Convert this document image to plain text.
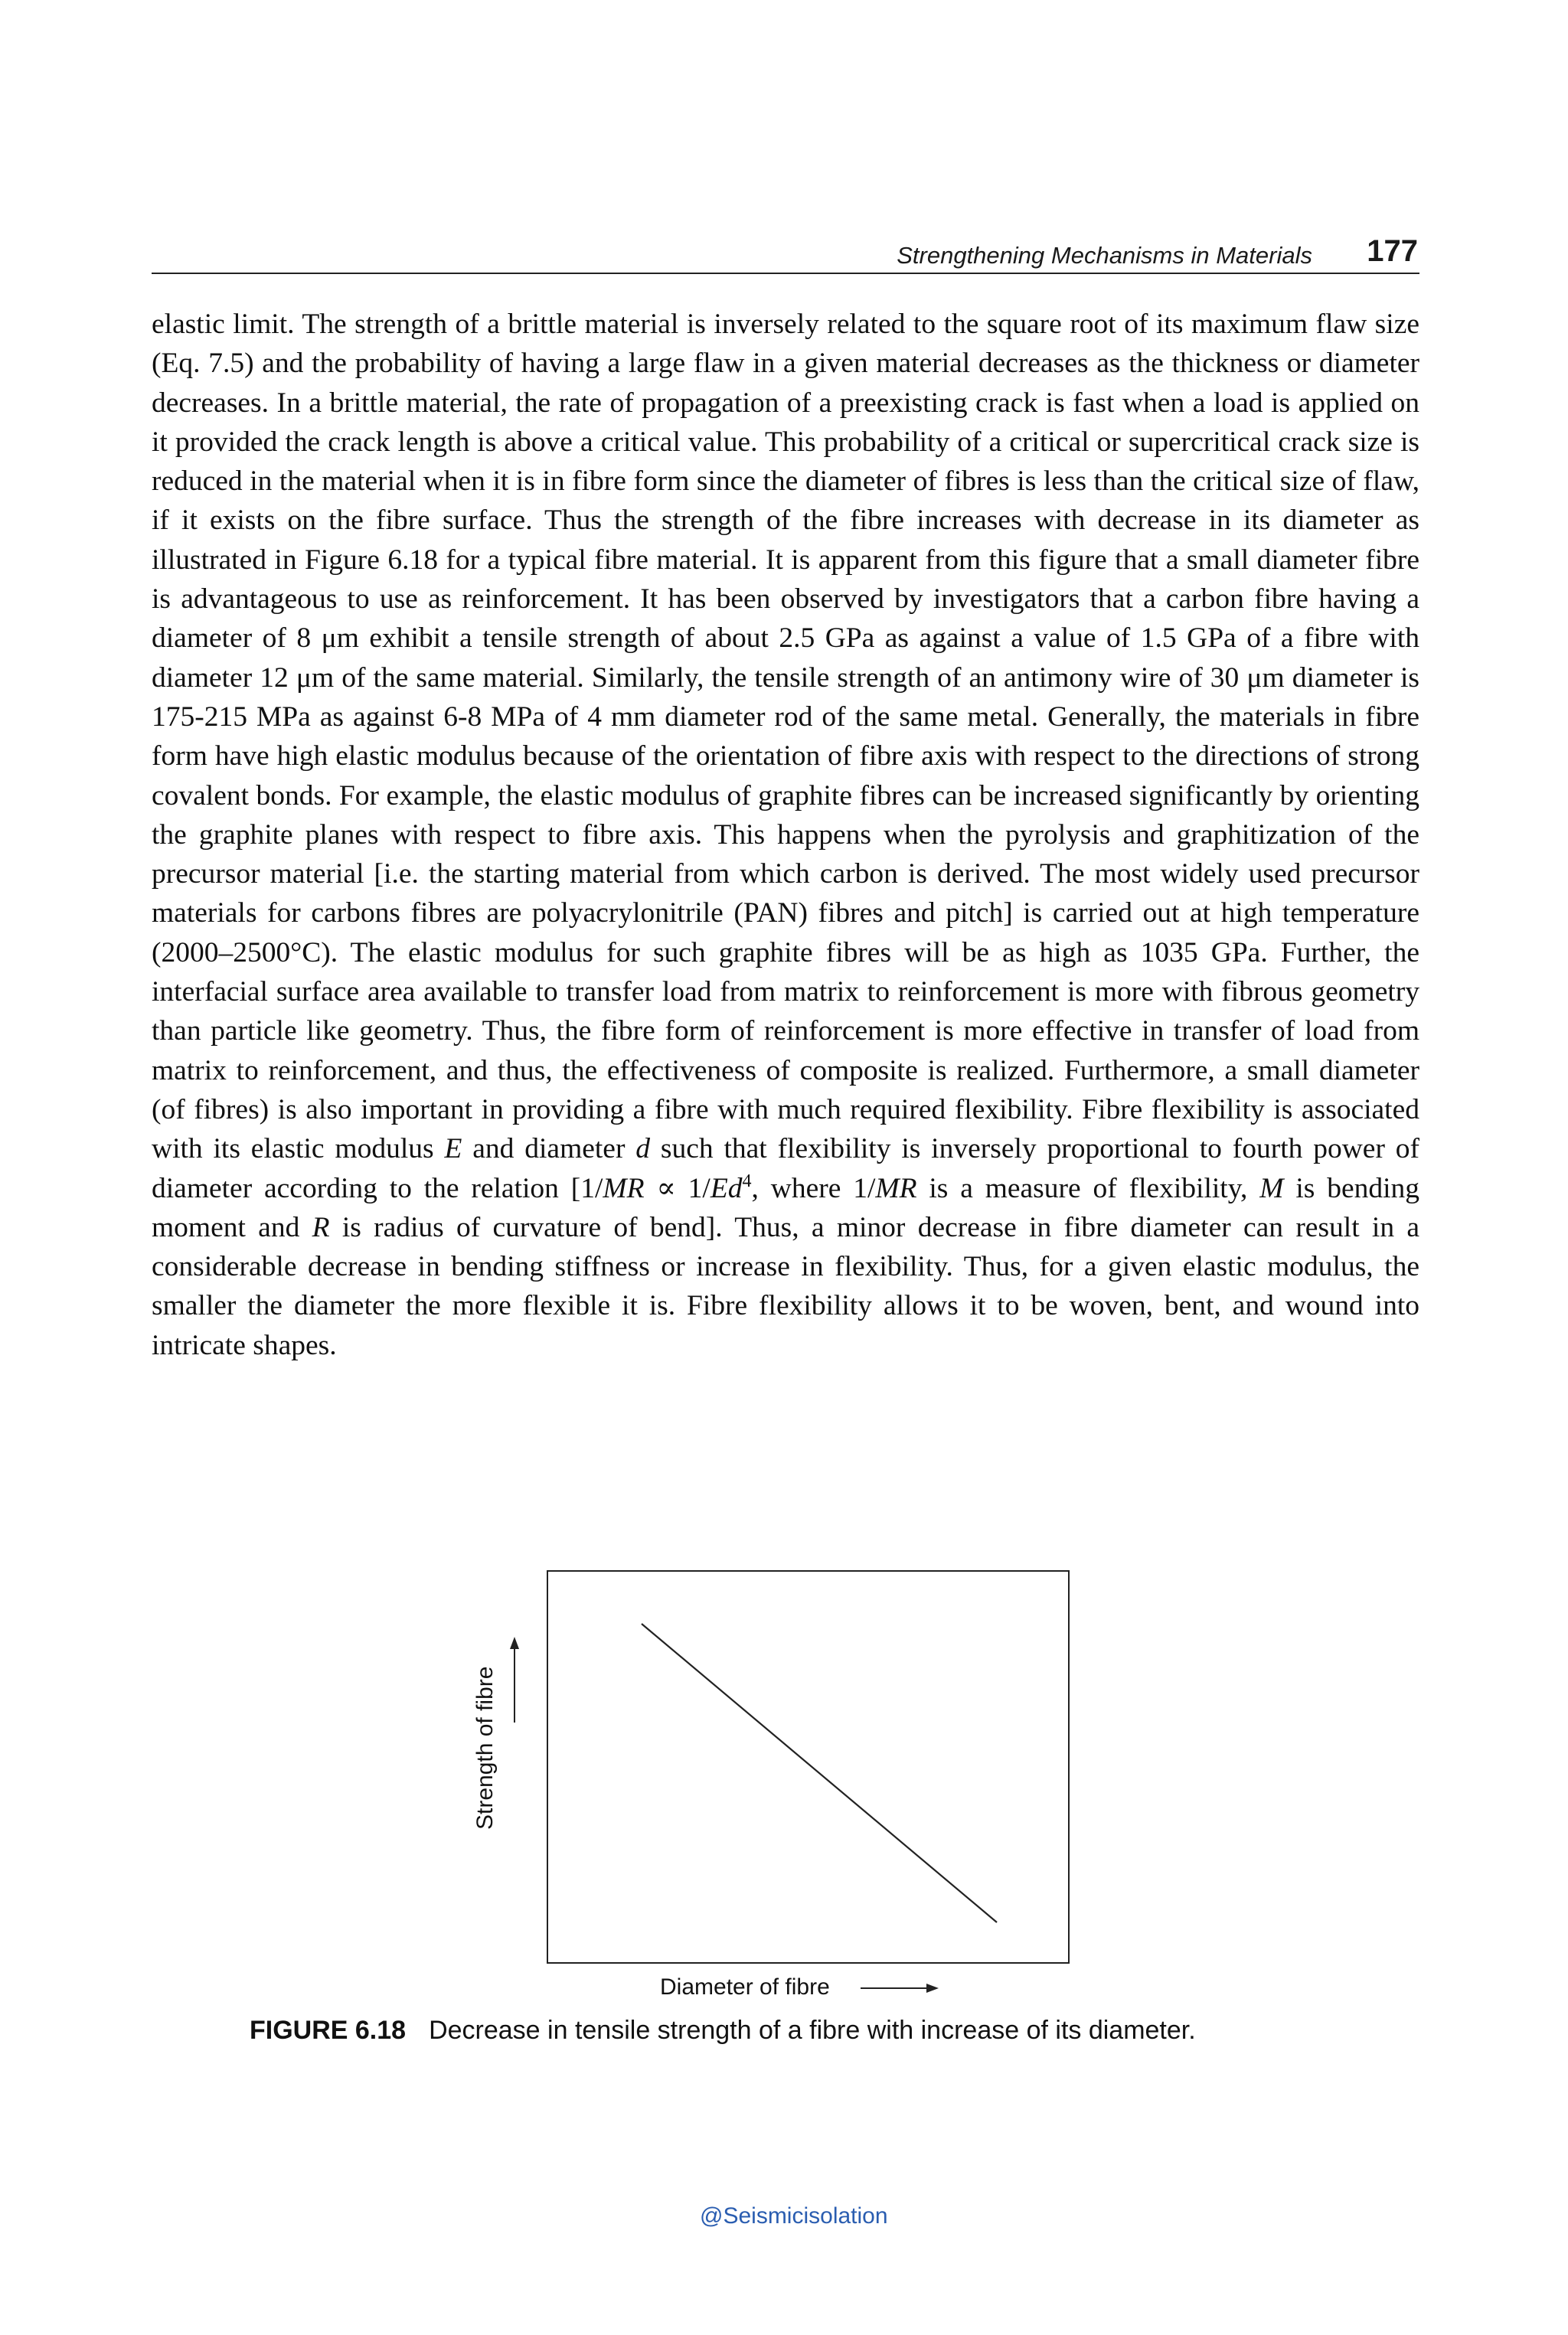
Strengthening Mechanisms in Materials 177

elastic limit. The strength of a brittle material is inversely related to the square root of its maximum flaw size (Eq. 7.5) and the probability of having a large flaw in a given material decreases as the thickness or diameter decreases. In a brittle material, the rate of propagation of a preexisting crack is fast when a load is applied on it provided the crack length is above a critical value. This probability of a critical or supercritical crack size is reduced in the material when it is in fibre form since the diameter of fibres is less than the critical size of flaw, if it exists on the fibre surface. Thus the strength of the fibre increases with decrease in its diameter as illustrated in Figure 6.18 for a typical fibre material. It is apparent from this figure that a small diameter fibre is advantageous to use as reinforcement. It has been observed by investigators that a carbon fibre having a diameter of 8 μm exhibit a tensile strength of about 2.5 GPa as against a value of 1.5 GPa of a fibre with diameter 12 μm of the same material. Similarly, the tensile strength of an antimony wire of 30 μm diameter is 175-215 MPa as against 6-8 MPa of 4 mm diameter rod of the same metal. Generally, the materials in fibre form have high elastic modulus because of the orientation of fibre axis with respect to the directions of strong covalent bonds. For example, the elastic modulus of graphite fibres can be increased significantly by orienting the graphite planes with respect to fibre axis. This happens when the pyrolysis and graphitization of the precursor material [i.e. the starting material from which carbon is derived. The most widely used precursor materials for carbons fibres are polyacrylonitrile (PAN) fibres and pitch] is carried out at high temperature (2000–2500°C). The elastic modulus for such graphite fibres will be as high as 1035 GPa. Further, the interfacial surface area available to transfer load from matrix to reinforcement is more with fibrous geometry than particle like geometry. Thus, the fibre form of reinforcement is more effective in transfer of load from matrix to reinforcement, and thus, the effectiveness of composite is realized. Furthermore, a small diameter (of fibres) is also important in providing a fibre with much required flexibility. Fibre flexibility is associated with its elastic modulus E and diameter d such that flexibility is inversely proportional to fourth power of diameter according to the relation [$1/MR \propto 1/Ed^4$, where 1/MR is a measure of flexibility, M is bending moment and R is radius of curvature of bend]. Thus, a minor decrease in fibre diameter can result in a considerable decrease in bending stiffness or increase in flexibility. Thus, for a given elastic modulus, the smaller the diameter the more flexible it is. Fibre flexibility allows it to be woven, bent, and wound into intricate shapes.

Strength of fibre
Diameter of fibre
FIGURE 6.18 Decrease in tensile strength of a fibre with increase of its diameter.
@Seismicisolation
